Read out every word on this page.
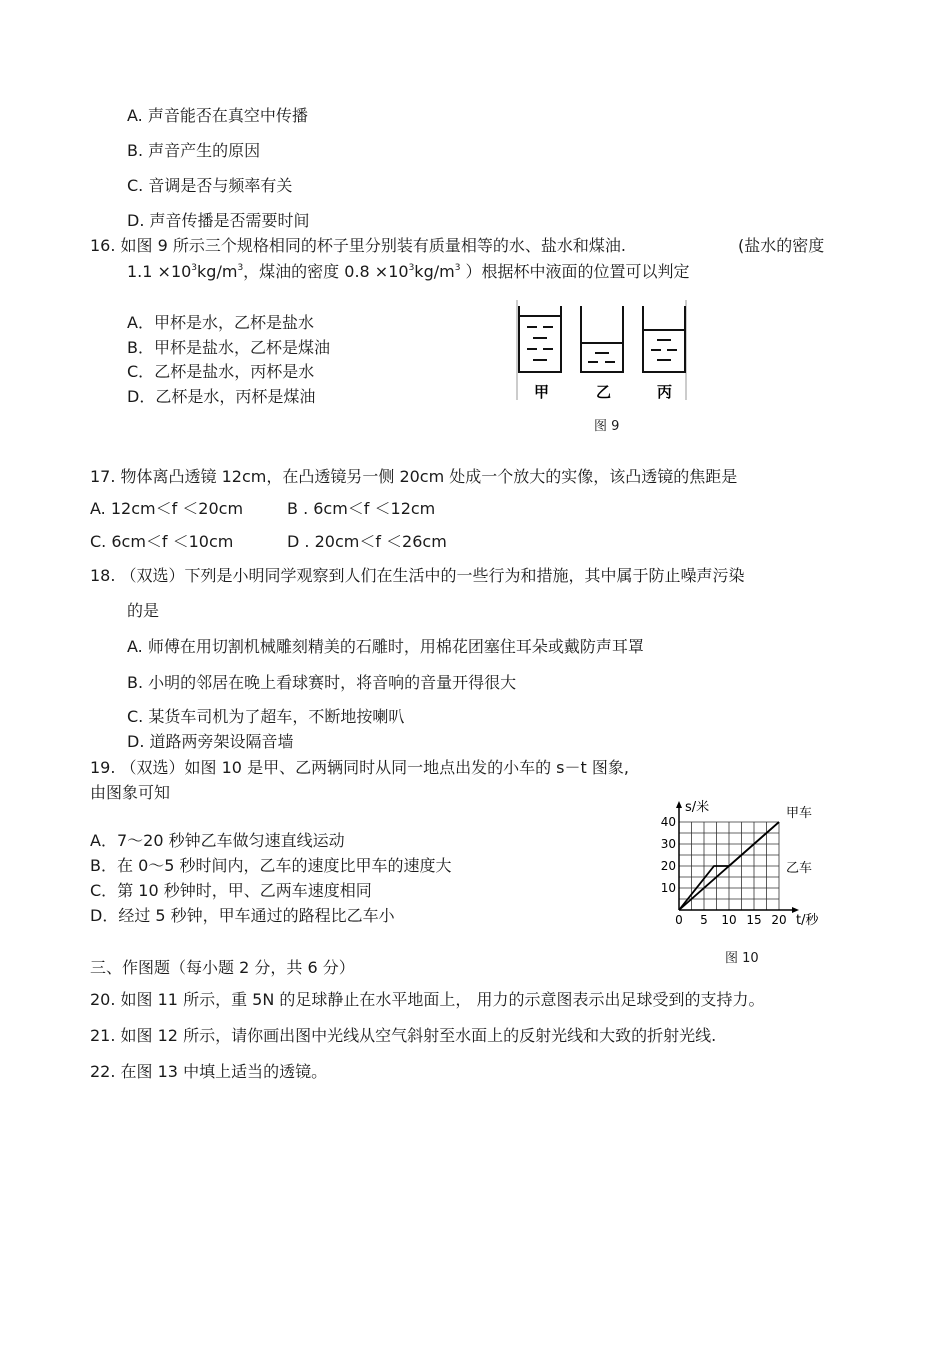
A. 声音能否在真空中传播
B. 声音产生的原因
C. 音调是否与频率有关
D. 声音传播是否需要时间
16. 如图 9 所示三个规格相同的杯子里分别装有质量相等的水、盐水和煤油.	(盐水的密度
$1.1 \times 10^3kg/m^3$，煤油的密度 $0.8 \times 10^3kg/m^3$ ）根据杯中液面的位置可以判定
A．甲杯是水，乙杯是盐水
B．甲杯是盐水，乙杯是煤油
C．乙杯是盐水，丙杯是水
D．乙杯是水，丙杯是煤油	甲	乙	丙
图 9
17. 物体离凸透镜 12cm，在凸透镜另一侧 20cm 处成一个放大的实像，该凸透镜的焦距是
A. 12cm＜f ＜20cm	B . 6cm＜f ＜12cm
C. 6cm＜f ＜10cm	D . 20cm＜f ＜26cm
18. （双选）下列是小明同学观察到人们在生活中的一些行为和措施，其中属于防止噪声污染
的是
A. 师傅在用切割机械雕刻精美的石雕时，用棉花团塞住耳朵或戴防声耳罩
B. 小明的邻居在晚上看球赛时，将音响的音量开得很大
C. 某货车司机为了超车，不断地按喇叭
D. 道路两旁架设隔音墙
19. （双选）如图 10 是甲、乙两辆同时从同一地点出发的小车的 s－t 图象,
由图象可知
A．7～20 秒钟乙车做匀速直线运动
B．在 0～5 秒时间内，乙车的速度比甲车的速度大
C．第 10 秒钟时，甲、乙两车速度相同
D．经过 5 秒钟，甲车通过的路程比乙车小	0 5 10 15 20
10
20
30
40
s/米
t/秒
甲车
乙车
图 10
三、作图题（每小题 2 分，共 6 分）
20. 如图 11 所示，重 5N 的足球静止在水平地面上， 用力的示意图表示出足球受到的支持力。
21. 如图 12 所示，请你画出图中光线从空气斜射至水面上的反射光线和大致的折射光线.
22. 在图 13 中填上适当的透镜。
